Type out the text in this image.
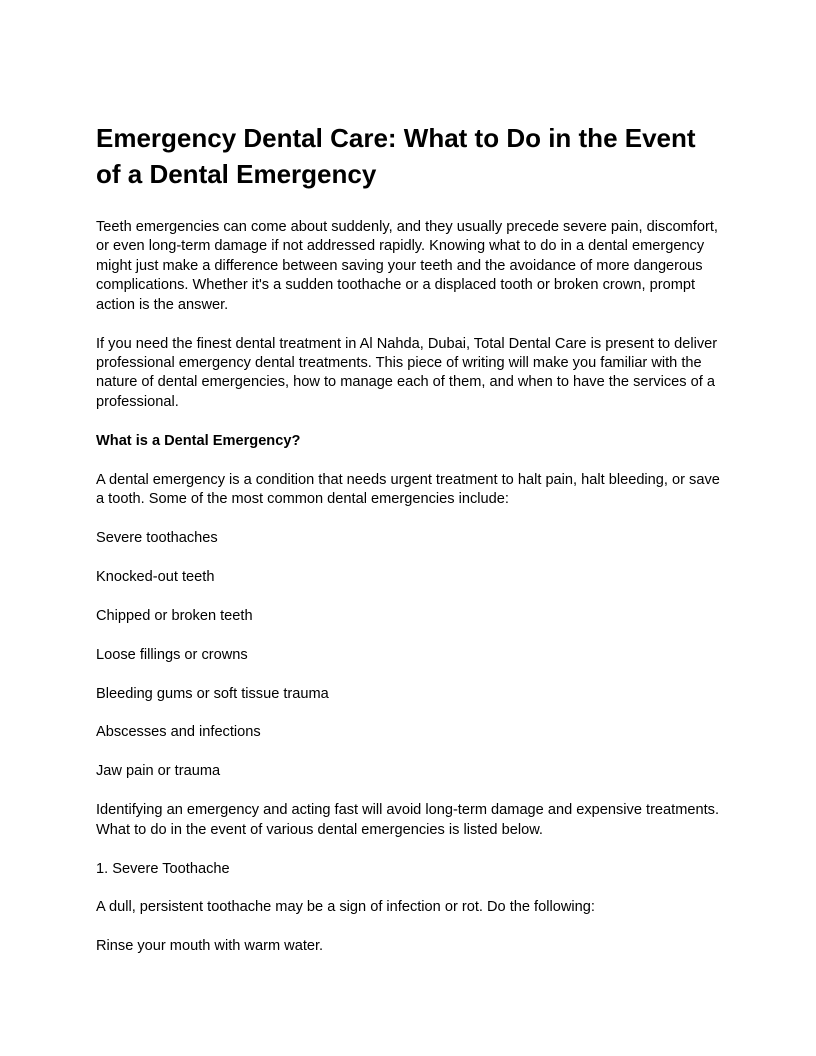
Emergency Dental Care: What to Do in the Event of a Dental Emergency

Teeth emergencies can come about suddenly, and they usually precede severe pain, discomfort, or even long-term damage if not addressed rapidly. Knowing what to do in a dental emergency might just make a difference between saving your teeth and the avoidance of more dangerous complications. Whether it's a sudden toothache or a displaced tooth or broken crown, prompt action is the answer.

If you need the finest dental treatment in Al Nahda, Dubai, Total Dental Care is present to deliver professional emergency dental treatments. This piece of writing will make you familiar with the nature of dental emergencies, how to manage each of them, and when to have the services of a professional.

What is a Dental Emergency?

A dental emergency is a condition that needs urgent treatment to halt pain, halt bleeding, or save a tooth. Some of the most common dental emergencies include:

Severe toothaches

Knocked-out teeth

Chipped or broken teeth

Loose fillings or crowns

Bleeding gums or soft tissue trauma

Abscesses and infections

Jaw pain or trauma

Identifying an emergency and acting fast will avoid long-term damage and expensive treatments. What to do in the event of various dental emergencies is listed below.

1. Severe Toothache

A dull, persistent toothache may be a sign of infection or rot. Do the following:

Rinse your mouth with warm water.
